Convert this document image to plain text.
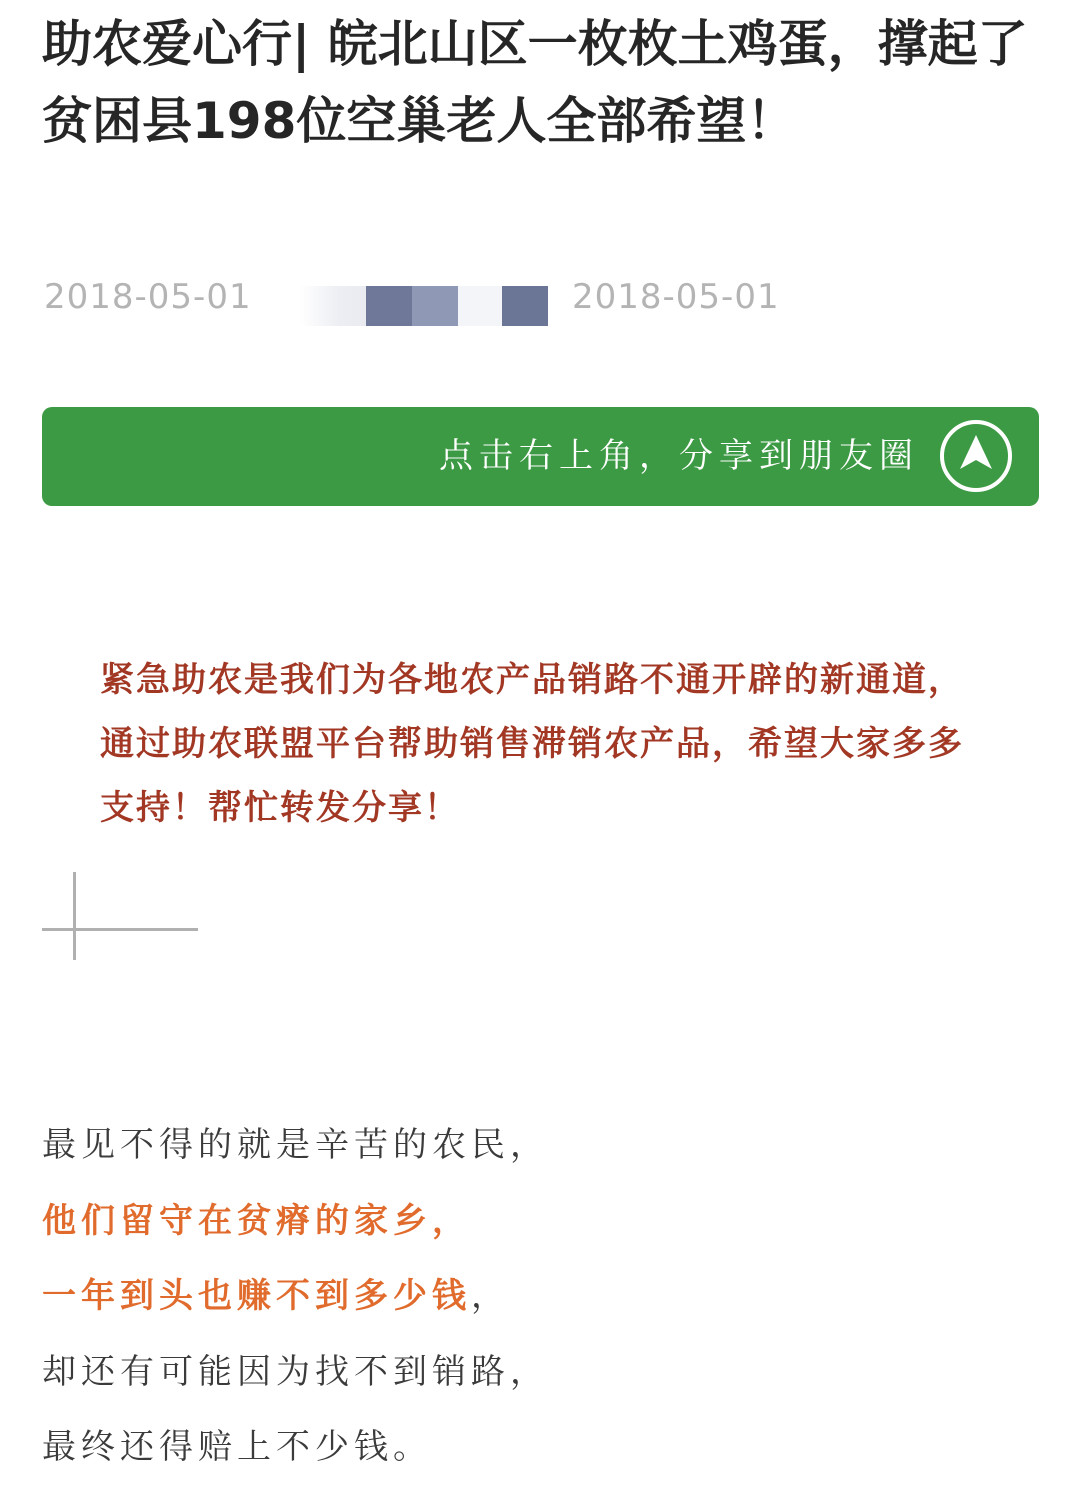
助农爱心行| 皖北山区一枚枚土鸡蛋，撑起了贫困县198位空巢老人全部希望！
2018-05-01	2018-05-01
点击右上角，分享到朋友圈

紧急助农是我们为各地农产品销路不通开辟的新通道，通过助农联盟平台帮助销售滞销农产品，希望大家多多支持！帮忙转发分享！

最见不得的就是辛苦的农民，
他们留守在贫瘠的家乡，
一年到头也赚不到多少钱，
却还有可能因为找不到销路，
最终还得赔上不少钱。
